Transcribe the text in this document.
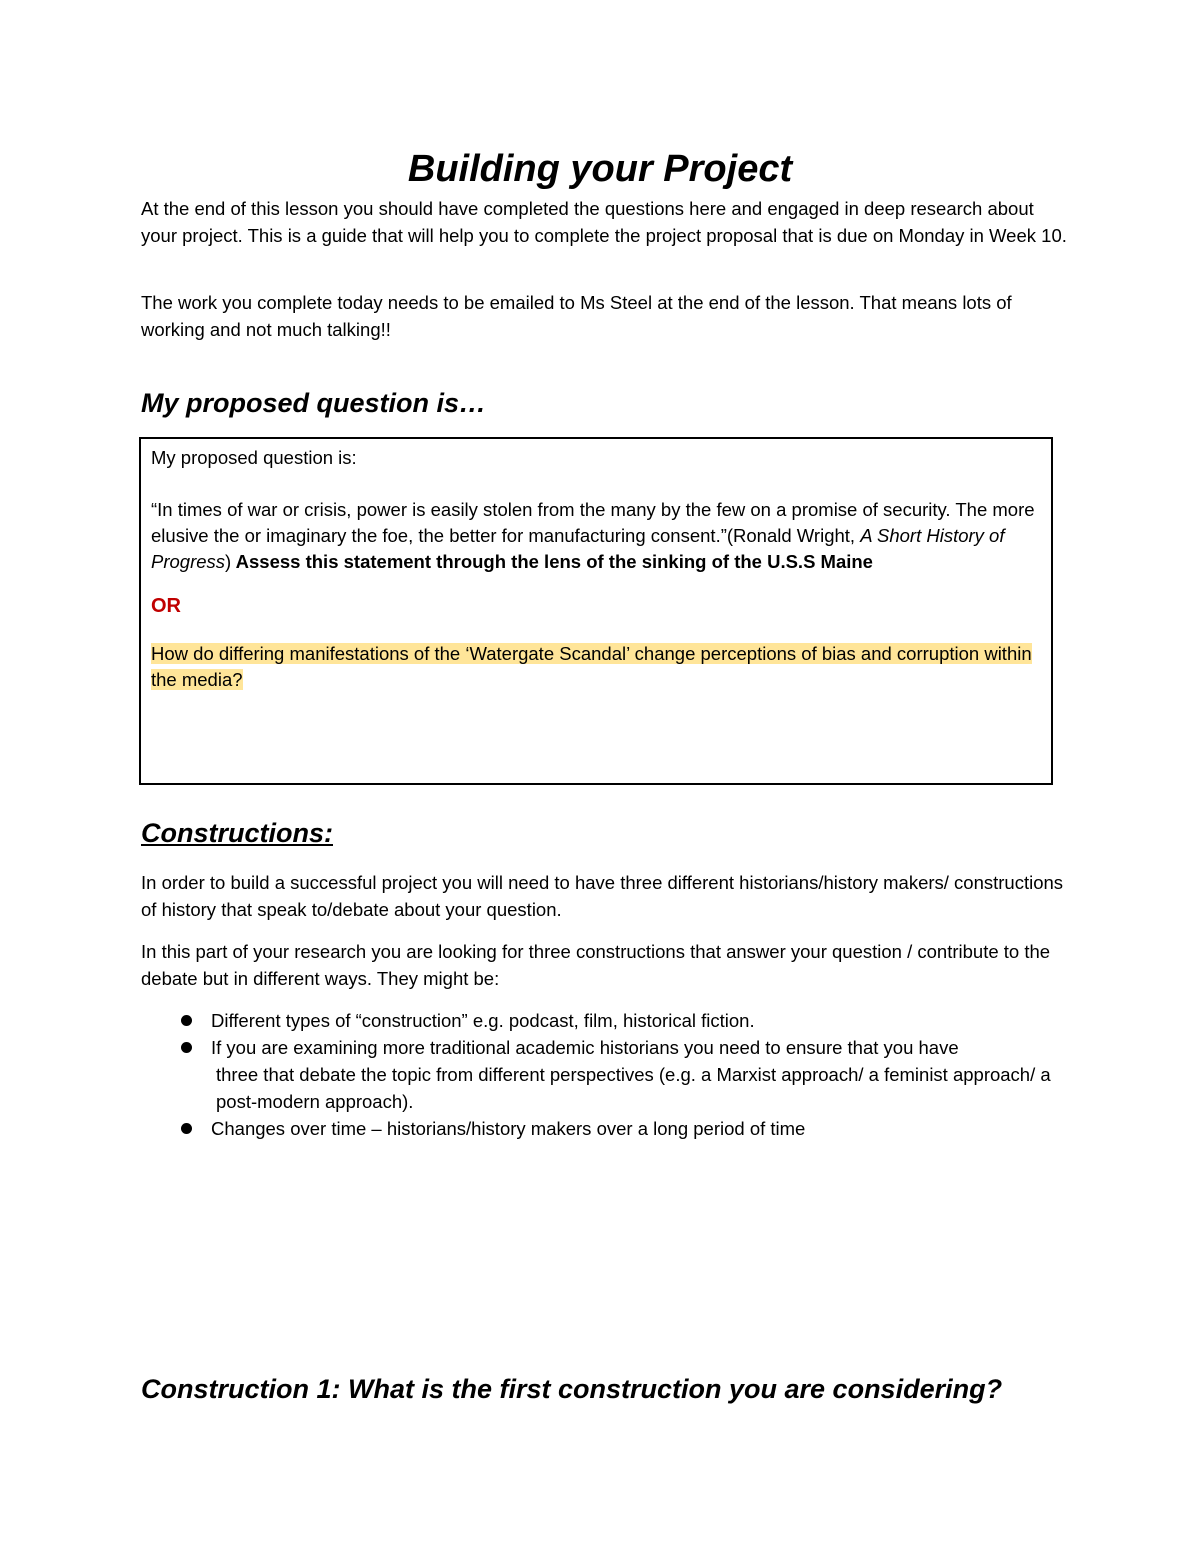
Building your Project

At the end of this lesson you should have completed the questions here and engaged in deep research about your project. This is a guide that will help you to complete the project proposal that is due on Monday in Week 10.

The work you complete today needs to be emailed to Ms Steel at the end of the lesson. That means lots of working and not much talking!!

My proposed question is…

My proposed question is:

“In times of war or crisis, power is easily stolen from the many by the few on a promise of security. The more elusive the or imaginary the foe, the better for manufacturing consent.”(Ronald Wright, A Short History of Progress) Assess this statement through the lens of the sinking of the U.S.S Maine

OR

How do differing manifestations of the ‘Watergate Scandal’ change perceptions of bias and corruption within the media?

Constructions:

In order to build a successful project you will need to have three different historians/history makers/ constructions of history that speak to/debate about your question.

In this part of your research you are looking for three constructions that answer your question / contribute to the debate but in different ways. They might be:

Different types of “construction” e.g. podcast, film, historical fiction.
If you are examining more traditional academic historians you need to ensure that you have
three that debate the topic from different perspectives (e.g. a Marxist approach/ a feminist approach/ a post-modern approach).
Changes over time – historians/history makers over a long period of time
Construction 1: What is the first construction you are considering?
